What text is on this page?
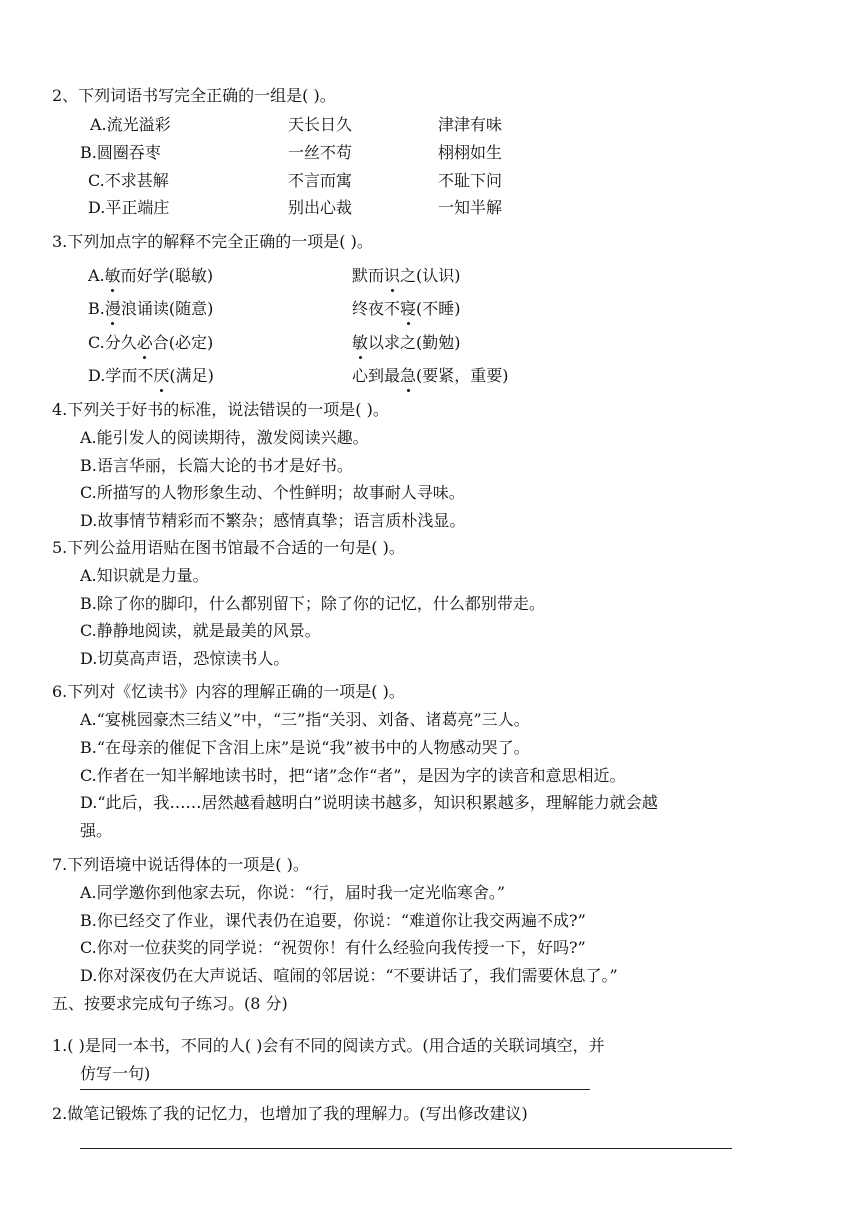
2、下列词语书写完全正确的一组是( )。
A.流光溢彩	天长日久	津津有味
B.圆圈吞枣	一丝不苟	栩栩如生
C.不求甚解	不言而寓	不耻下问
D.平正端庄	别出心裁	一知半解
3.下列加点字的解释不完全正确的一项是( )。
A.敏而好学(聪敏)	默而识之(认识)
B.漫浪诵读(随意)	终夜不寝(不睡)
C.分久必合(必定)	敏以求之(勤勉)
D.学而不厌(满足)	心到最急(要紧，重要)
4.下列关于好书的标准，说法错误的一项是( )。
A.能引发人的阅读期待，激发阅读兴趣。
B.语言华丽，长篇大论的书才是好书。
C.所描写的人物形象生动、个性鲜明；故事耐人寻味。
D.故事情节精彩而不繁杂；感情真挚；语言质朴浅显。
5.下列公益用语贴在图书馆最不合适的一句是( )。
A.知识就是力量。
B.除了你的脚印，什么都别留下；除了你的记忆，什么都别带走。
C.静静地阅读，就是最美的风景。
D.切莫高声语，恐惊读书人。
6.下列对《忆读书》内容的理解正确的一项是( )。
A.“宴桃园豪杰三结义”中，“三”指“关羽、刘备、诸葛亮”三人。
B.“在母亲的催促下含泪上床”是说“我”被书中的人物感动哭了。
C.作者在一知半解地读书时，把“诸”念作“者”，是因为字的读音和意思相近。
D.“此后，我……居然越看越明白”说明读书越多，知识积累越多，理解能力就会越
强。
7.下列语境中说话得体的一项是( )。
A.同学邀你到他家去玩，你说：“行，届时我一定光临寒舍。”
B.你已经交了作业，课代表仍在追要，你说：“难道你让我交两遍不成?”
C.你对一位获奖的同学说：“祝贺你！有什么经验向我传授一下，好吗?”
D.你对深夜仍在大声说话、喧闹的邻居说：“不要讲话了，我们需要休息了。”
五、按要求完成句子练习。(8 分)
1.( )是同一本书，不同的人( )会有不同的阅读方式。(用合适的关联词填空，并
仿写一句)
2.做笔记锻炼了我的记忆力，也增加了我的理解力。(写出修改建议)
